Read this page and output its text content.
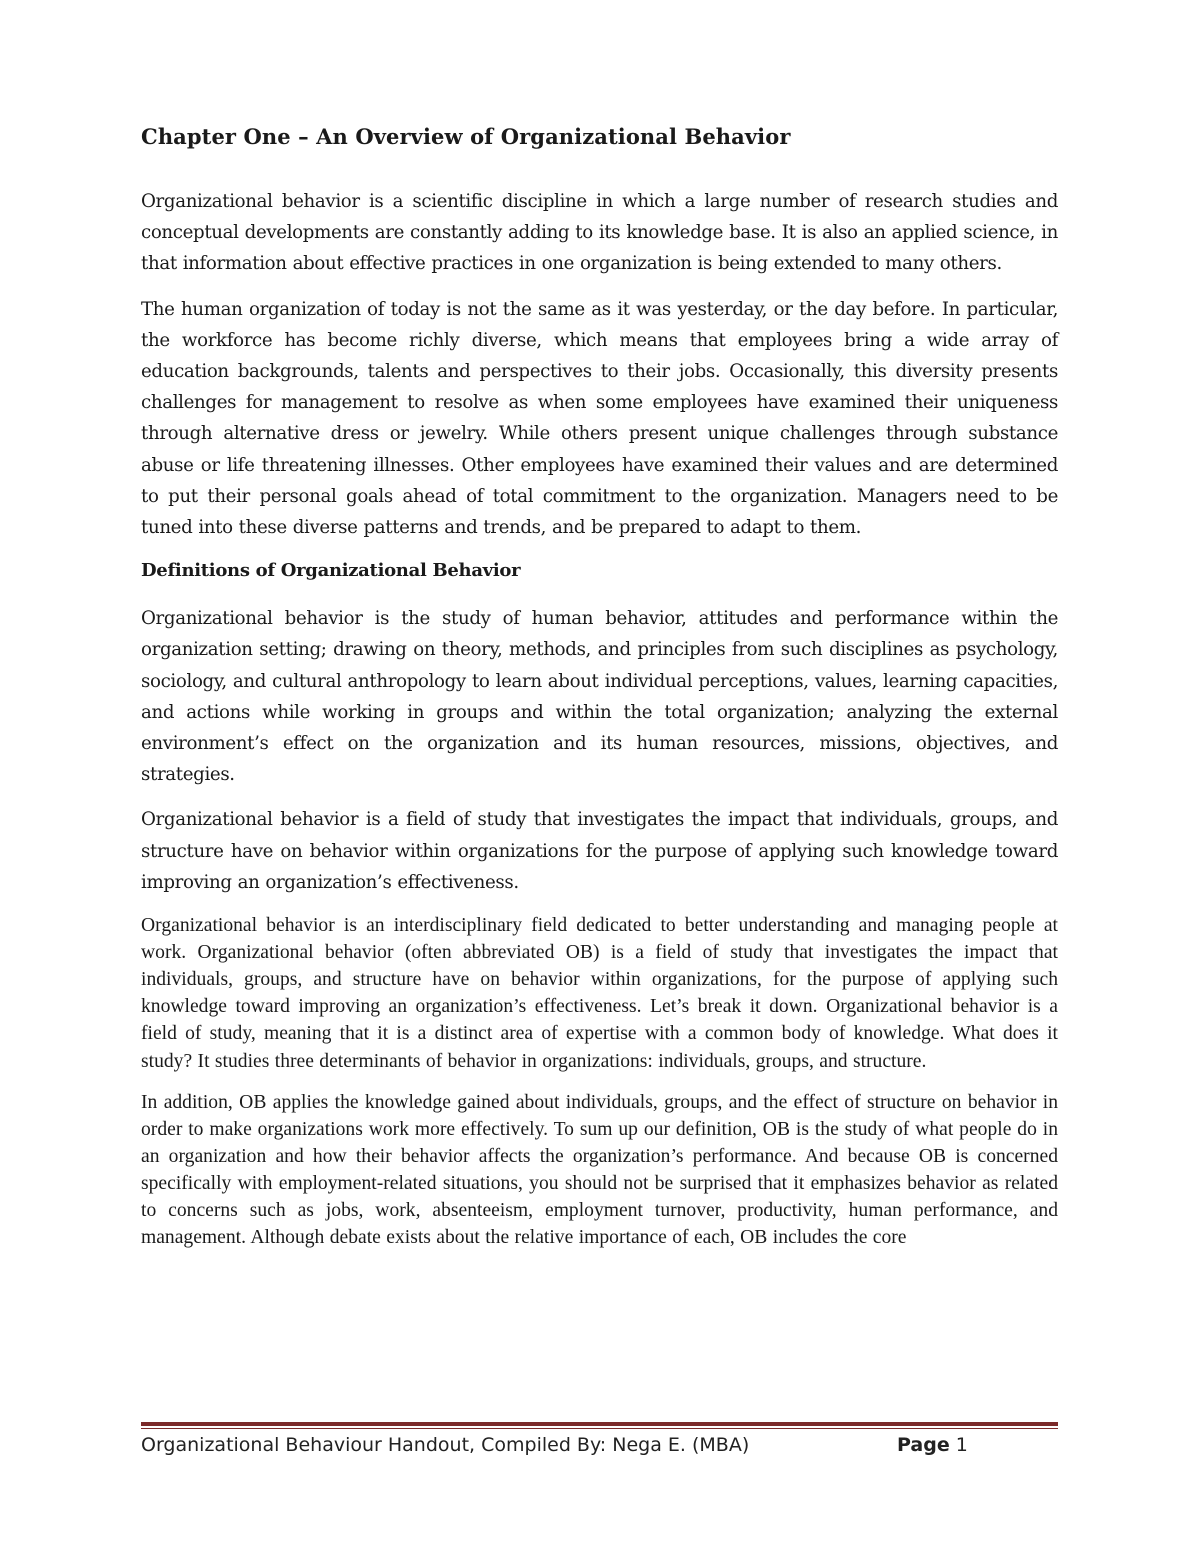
Chapter One – An Overview of Organizational Behavior

Organizational behavior is a scientific discipline in which a large number of research studies and conceptual developments are constantly adding to its knowledge base. It is also an applied science, in that information about effective practices in one organization is being extended to many others.

The human organization of today is not the same as it was yesterday, or the day before. In particular, the workforce has become richly diverse, which means that employees bring a wide array of education backgrounds, talents and perspectives to their jobs. Occasionally, this diversity presents challenges for management to resolve as when some employees have examined their uniqueness through alternative dress or jewelry. While others present unique challenges through substance abuse or life threatening illnesses. Other employees have examined their values and are determined to put their personal goals ahead of total commitment to the organization. Managers need to be tuned into these diverse patterns and trends, and be prepared to adapt to them.

Definitions of Organizational Behavior

Organizational behavior is the study of human behavior, attitudes and performance within the organization setting; drawing on theory, methods, and principles from such disciplines as psychology, sociology, and cultural anthropology to learn about individual perceptions, values, learning capacities, and actions while working in groups and within the total organization; analyzing the external environment’s effect on the organization and its human resources, missions, objectives, and strategies.

Organizational behavior is a field of study that investigates the impact that individuals, groups, and structure have on behavior within organizations for the purpose of applying such knowledge toward improving an organization’s effectiveness.

Organizational behavior is an interdisciplinary field dedicated to better understanding and managing people at work. Organizational behavior (often abbreviated OB) is a field of study that investigates the impact that individuals, groups, and structure have on behavior within organizations, for the purpose of applying such knowledge toward improving an organization’s effectiveness. Let’s break it down. Organizational behavior is a field of study, meaning that it is a distinct area of expertise with a common body of knowledge. What does it study? It studies three determinants of behavior in organizations: individuals, groups, and structure.

In addition, OB applies the knowledge gained about individuals, groups, and the effect of structure on behavior in order to make organizations work more effectively. To sum up our definition, OB is the study of what people do in an organization and how their behavior affects the organization’s performance. And because OB is concerned specifically with employment-related situations, you should not be surprised that it emphasizes behavior as related to concerns such as jobs, work, absenteeism, employment turnover, productivity, human performance, and management. Although debate exists about the relative importance of each, OB includes the core

Organizational Behaviour Handout, Compiled By: Nega E. (MBA)	Page 1
